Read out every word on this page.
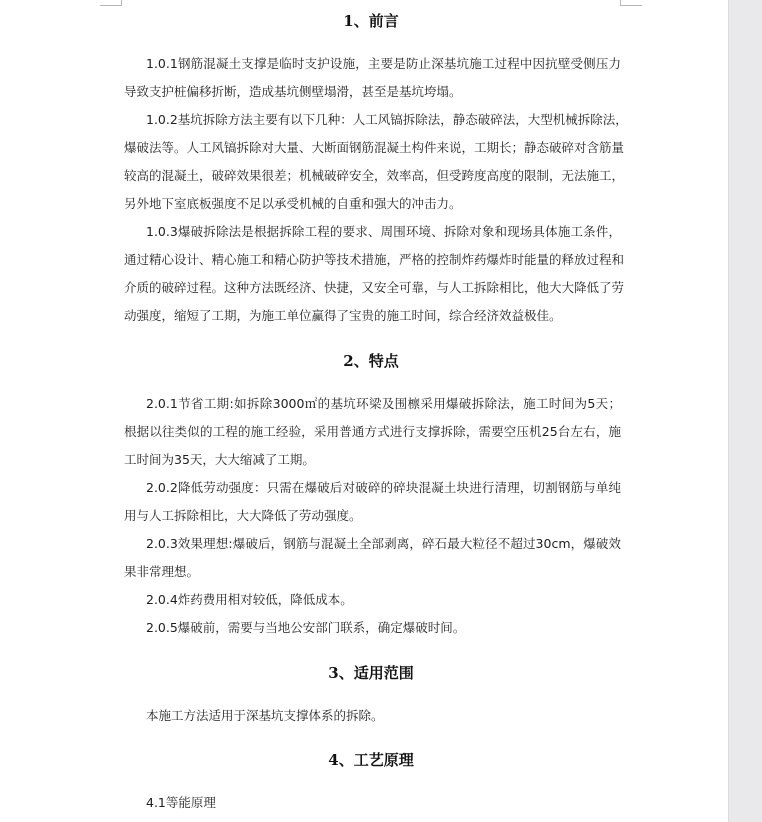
1、前言
1.0.1钢筋混凝土支撑是临时支护设施，主要是防止深基坑施工过程中因抗壁受侧压力
导致支护桩偏移折断，造成基坑侧壁塌滑，甚至是基坑垮塌。
1.0.2基坑拆除方法主要有以下几种：人工风镐拆除法，静态破碎法，大型机械拆除法，
爆破法等。人工风镐拆除对大量、大断面钢筋混凝土构件来说，工期长；静态破碎对含筋量
较高的混凝土，破碎效果很差；机械破碎安全，效率高，但受跨度高度的限制，无法施工，
另外地下室底板强度不足以承受机械的自重和强大的冲击力。
1.0.3爆破拆除法是根据拆除工程的要求、周围环境、拆除对象和现场具体施工条件，
通过精心设计、精心施工和精心防护等技术措施，严格的控制炸药爆炸时能量的释放过程和
介质的破碎过程。这种方法既经济、快捷，又安全可靠，与人工拆除相比，他大大降低了劳
动强度，缩短了工期，为施工单位赢得了宝贵的施工时间，综合经济效益极佳。
2、特点
2.0.1节省工期:如拆除3000㎡的基坑环梁及围檩采用爆破拆除法，施工时间为5天；
根据以往类似的工程的施工经验，采用普通方式进行支撑拆除，需要空压机25台左右，施
工时间为35天，大大缩减了工期。
2.0.2降低劳动强度：只需在爆破后对破碎的碎块混凝土块进行清理，切割钢筋与单纯
用与人工拆除相比，大大降低了劳动强度。
2.0.3效果理想:爆破后，钢筋与混凝土全部剥离，碎石最大粒径不超过30cm，爆破效
果非常理想。
2.0.4炸药费用相对较低，降低成本。
2.0.5爆破前，需要与当地公安部门联系，确定爆破时间。
3、适用范围
本施工方法适用于深基坑支撑体系的拆除。
4、工艺原理
4.1等能原理
